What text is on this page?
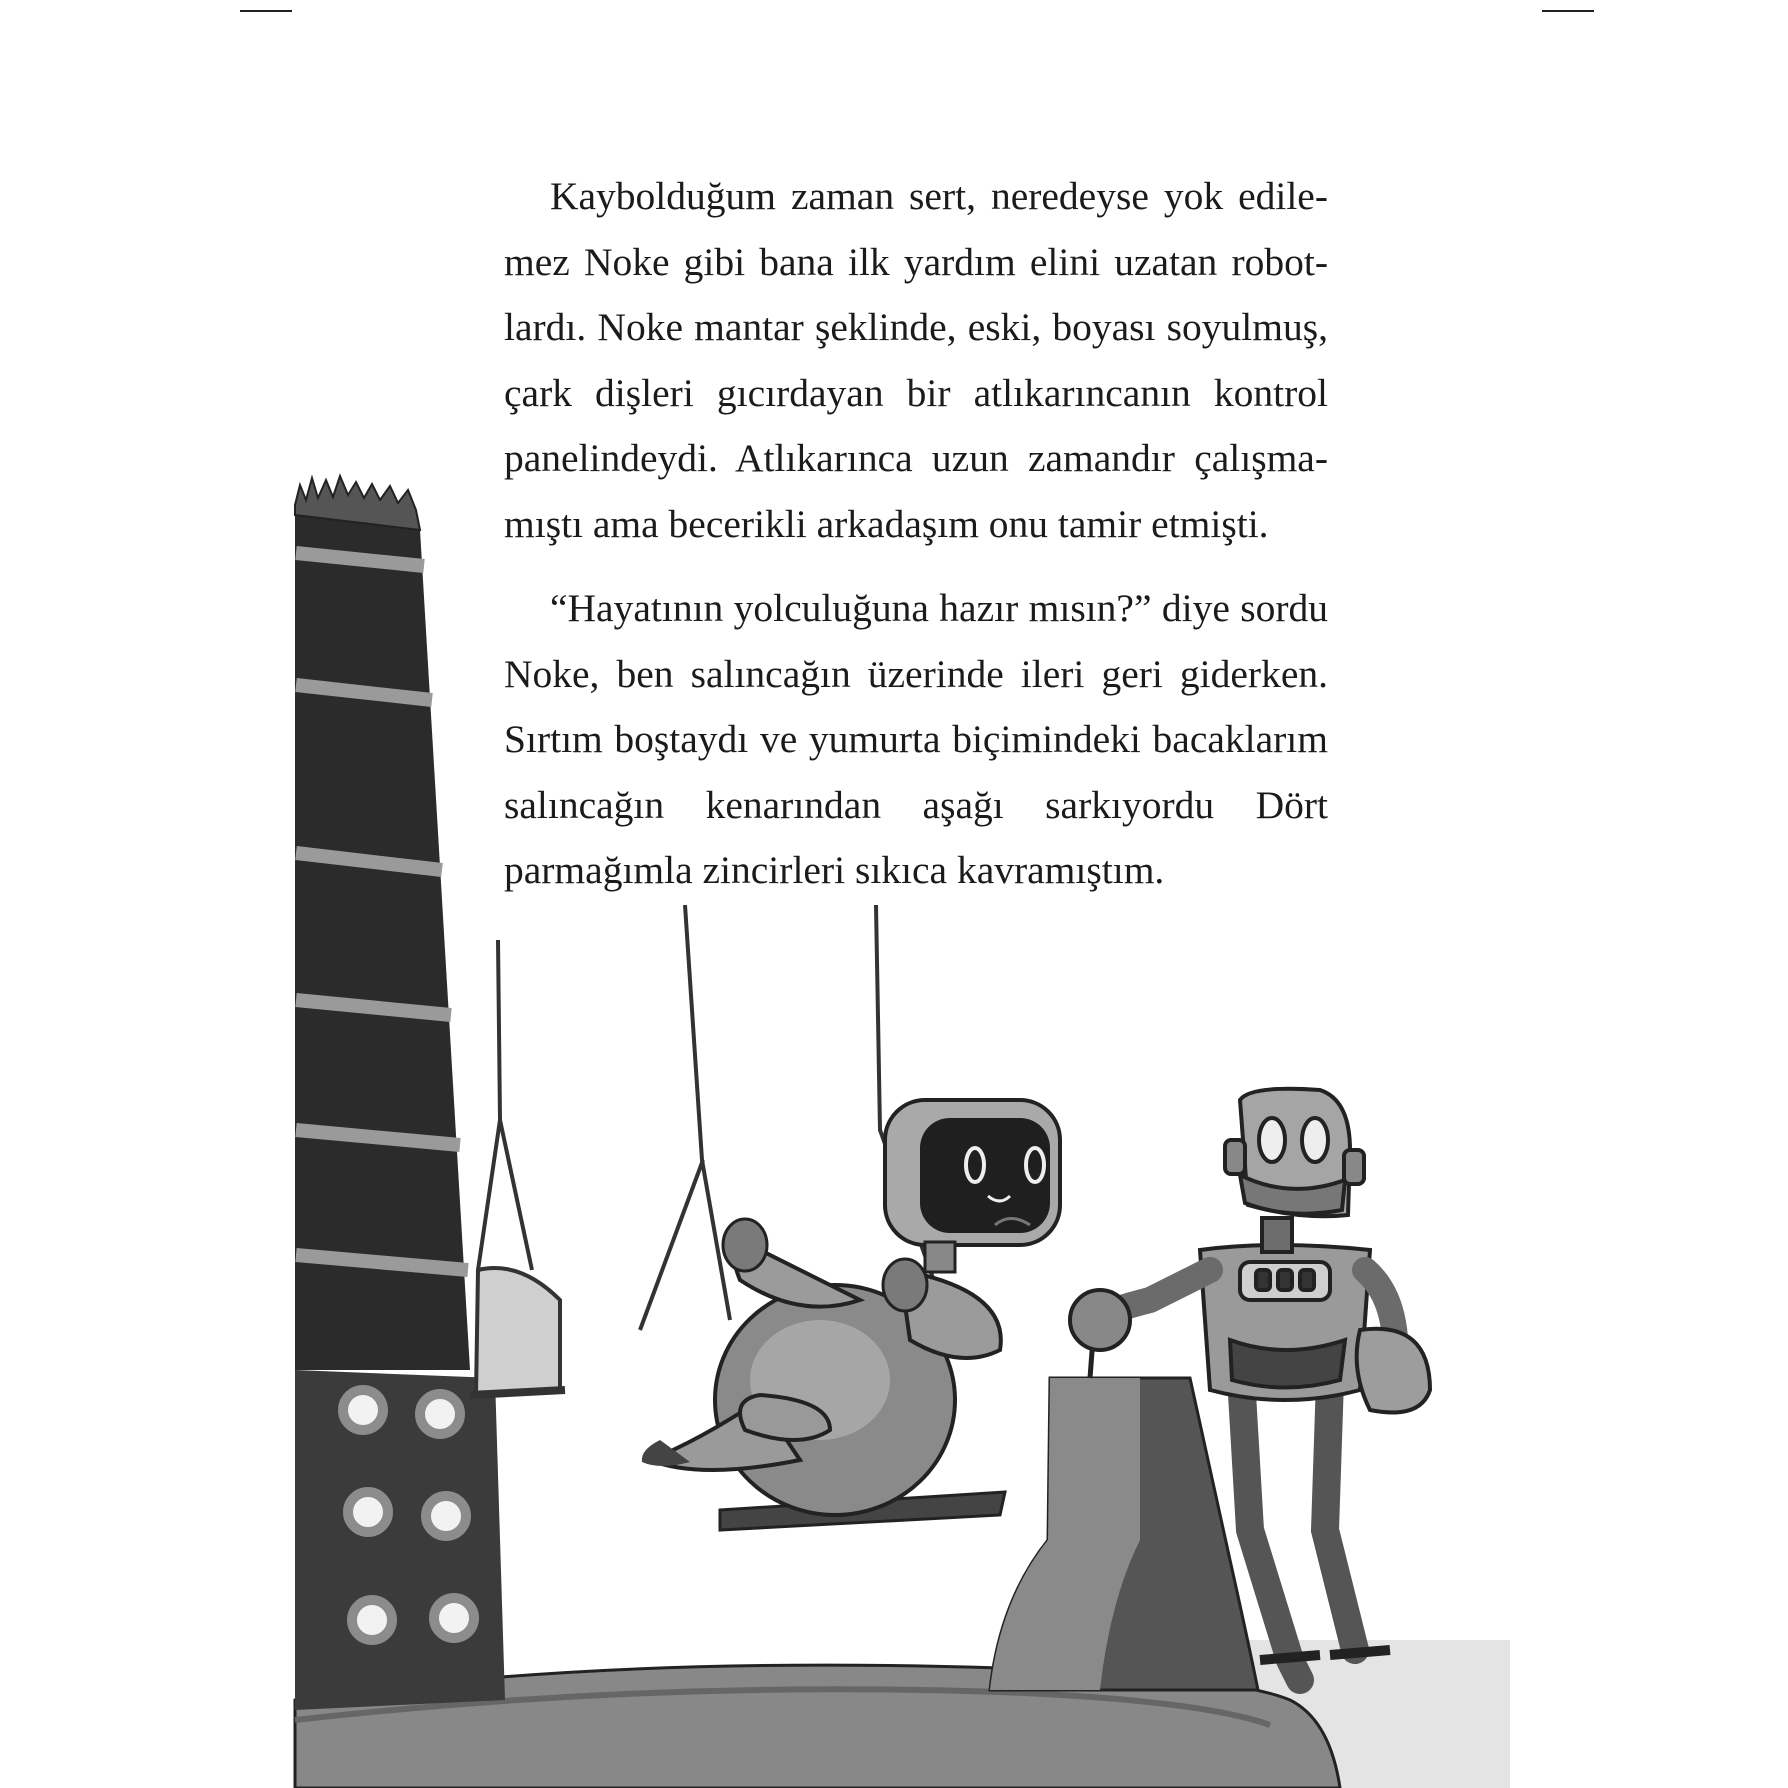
Kaybolduğum zaman sert, neredeyse yok edilemez Noke gibi bana ilk yardım elini uzatan robotlardı. Noke mantar şeklinde, eski, boyası soyulmuş, çark dişleri gıcırdayan bir atlıkarıncanın kontrol panelindeydi. Atlıkarınca uzun zamandır çalışmamıştı ama becerikli arkadaşım onu tamir etmişti.

“Hayatının yolculuğuna hazır mısın?” diye sordu Noke, ben salıncağın üzerinde ileri geri giderken. Sırtım boştaydı ve yumurta biçimindeki bacaklarım salıncağın kenarından aşağı sarkıyordu Dört parmağımla zincirleri sıkıca kavramıştım.
